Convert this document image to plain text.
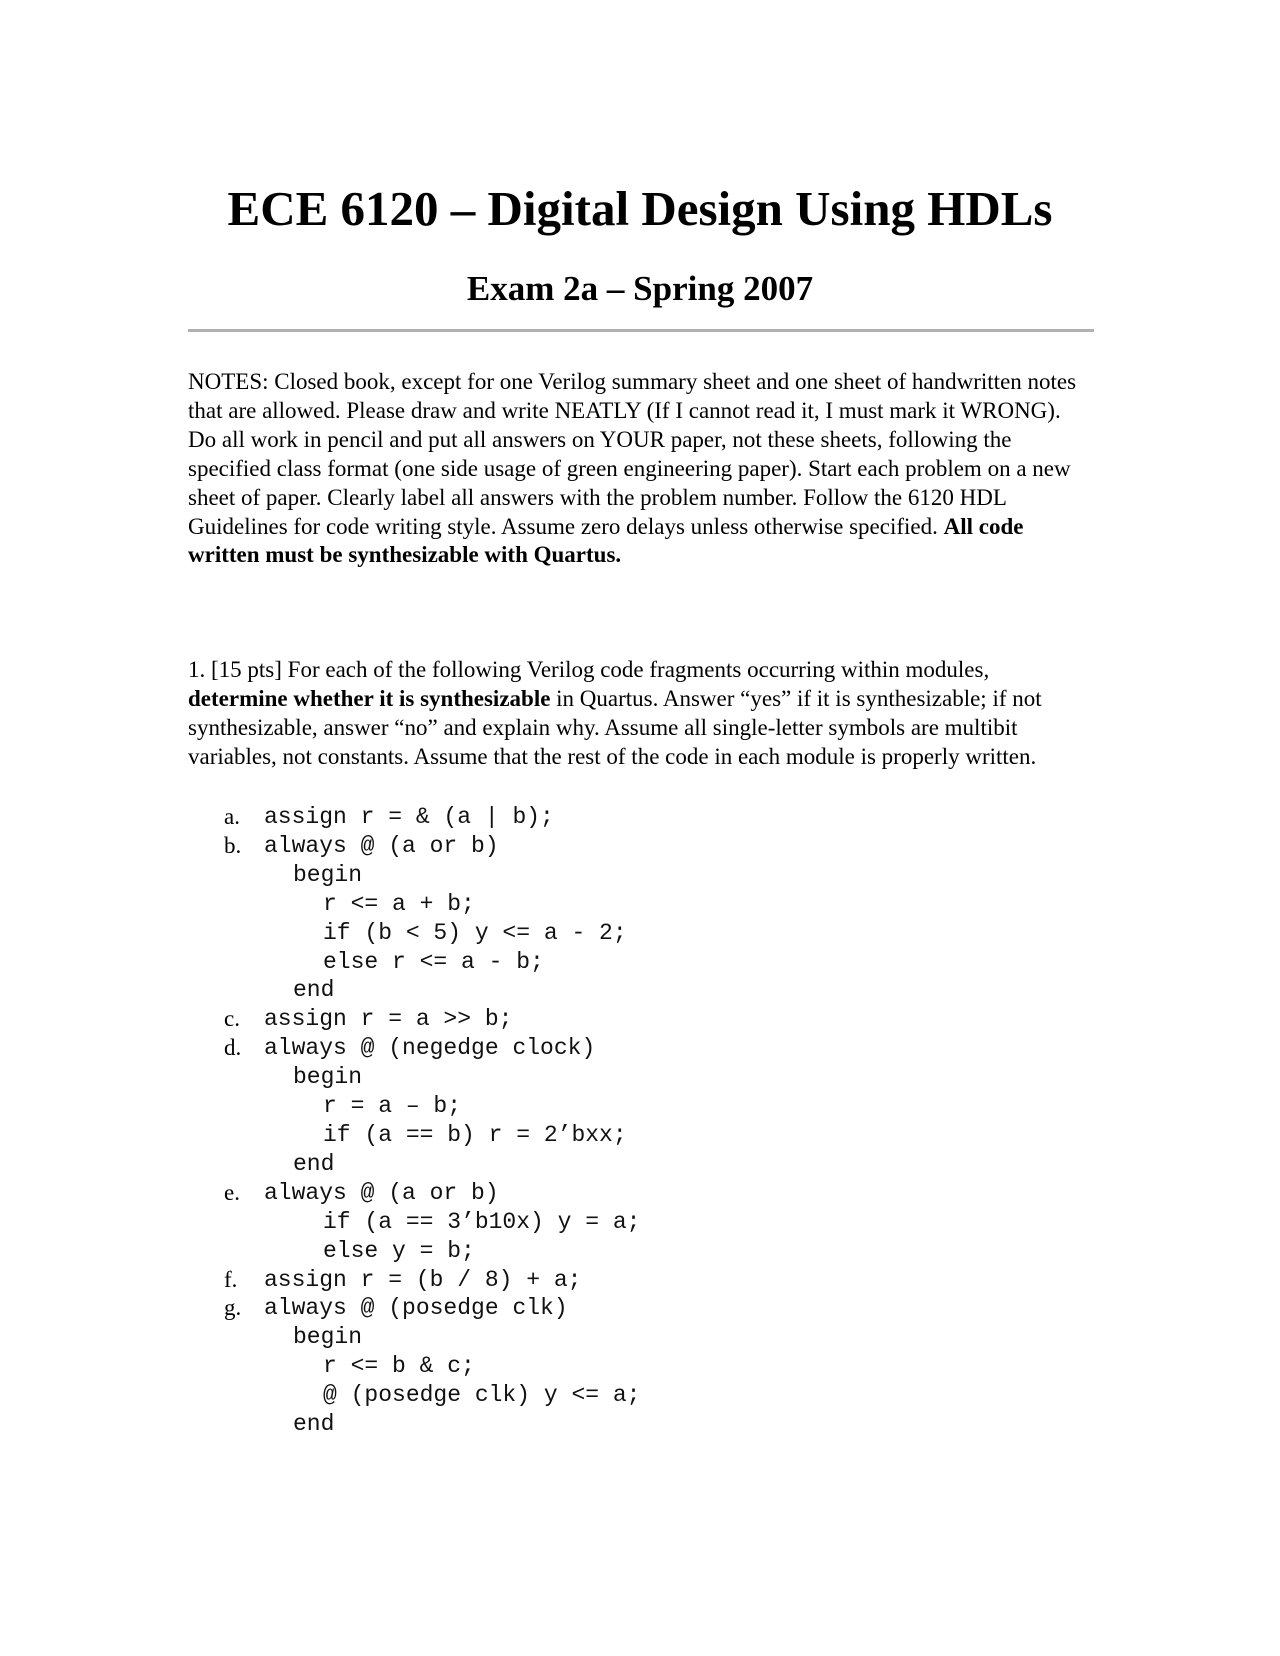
ECE 6120 – Digital Design Using HDLs
Exam 2a – Spring 2007

NOTES: Closed book, except for one Verilog summary sheet and one sheet of handwritten notes that are allowed. Please draw and write NEATLY (If I cannot read it, I must mark it WRONG). Do all work in pencil and put all answers on YOUR paper, not these sheets, following the specified class format (one side usage of green engineering paper). Start each problem on a new sheet of paper. Clearly label all answers with the problem number. Follow the 6120 HDL Guidelines for code writing style. Assume zero delays unless otherwise specified. All code written must be synthesizable with Quartus.

1. [15 pts] For each of the following Verilog code fragments occurring within modules, determine whether it is synthesizable in Quartus. Answer “yes” if it is synthesizable; if not synthesizable, answer “no” and explain why. Assume all single-letter symbols are multibit variables, not constants. Assume that the rest of the code in each module is properly written.

a.	assign r = & (a | b);
b. always @ (a or b)
begin
r <= a + b;
if (b < 5) y <= a - 2;
else r <= a - b;
end
c.	assign r = a >> b;
d. always @ (negedge clock)
begin
r = a – b;
if (a == b) r = 2’bxx;
end
e.	always @ (a or b)
if (a == 3’b10x) y = a;
else y = b;
f.	assign r = (b / 8) + a;
g. always @ (posedge clk)
begin
r <= b & c;
@ (posedge clk) y <= a;
end
